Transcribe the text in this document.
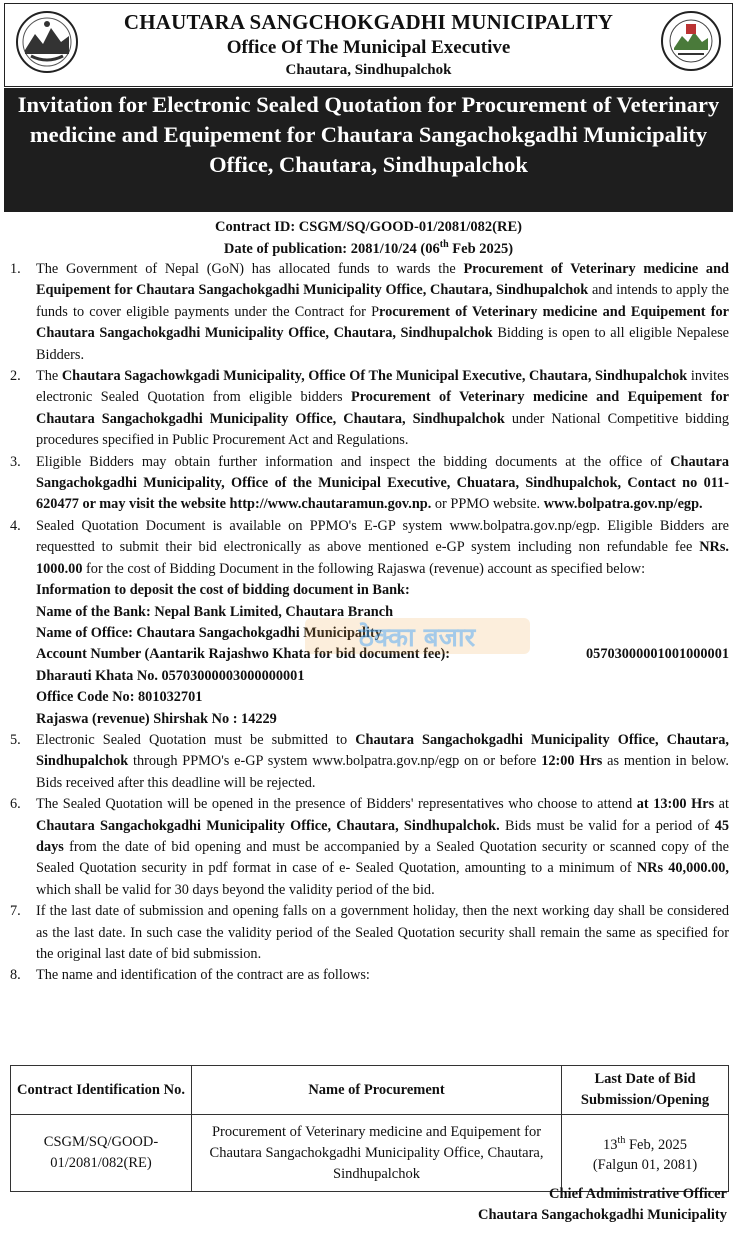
CHAUTARA SANGCHOKGADHI MUNICIPALITY
Office Of The Municipal Executive
Chautara, Sindhupalchok
Invitation for Electronic Sealed Quotation for Procurement of Veterinary medicine and Equipement for Chautara Sangachokgadhi Municipality Office, Chautara, Sindhupalchok
Contract ID: CSGM/SQ/GOOD-01/2081/082(RE)
Date of publication: 2081/10/24 (06th Feb 2025)
1. The Government of Nepal (GoN) has allocated funds to wards the Procurement of Veterinary medicine and Equipement for Chautara Sangachokgadhi Municipality Office, Chautara, Sindhupalchok and intends to apply the funds to cover eligible payments under the Contract for Procurement of Veterinary medicine and Equipement for Chautara Sangachokgadhi Municipality Office, Chautara, Sindhupalchok Bidding is open to all eligible Nepalese Bidders.
2. The Chautara Sagachowkgadi Municipality, Office Of The Municipal Executive, Chautara, Sindhupalchok invites electronic Sealed Quotation from eligible bidders Procurement of Veterinary medicine and Equipement for Chautara Sangachokgadhi Municipality Office, Chautara, Sindhupalchok under National Competitive bidding procedures specified in Public Procurement Act and Regulations.
3. Eligible Bidders may obtain further information and inspect the bidding documents at the office of Chautara Sangachokgadhi Municipality, Office of the Municipal Executive, Chuatara, Sindhupalchok, Contact no 011-620477 or may visit the website http://www.chautaramun.gov.np. or PPMO website. www.bolpatra.gov.np/egp.
4. Sealed Quotation Document is available on PPMO's E-GP system www.bolpatra.gov.np/egp. Eligible Bidders are requestted to submit their bid electronically as above mentioned e-GP system including non refundable fee NRs. 1000.00 for the cost of Bidding Document in the following Rajaswa (revenue) account as specified below:
Information to deposit the cost of bidding document in Bank:
Name of the Bank: Nepal Bank Limited, Chautara Branch
Name of Office: Chautara Sangachokgadhi Municipality
Account Number (Aantarik Rajashwo Khata for bid document fee):	05703000001001000001
Dharauti Khata No. 05703000003000000001
Office Code No: 801032701
Rajaswa (revenue) Shirshak No : 14229
5. Electronic Sealed Quotation must be submitted to Chautara Sangachokgadhi Municipality Office, Chautara, Sindhupalchok through PPMO's e-GP system www.bolpatra.gov.np/egp on or before 12:00 Hrs as mention in below. Bids received after this deadline will be rejected.
6. The Sealed Quotation will be opened in the presence of Bidders' representatives who choose to attend at 13:00 Hrs at Chautara Sangachokgadhi Municipality Office, Chautara, Sindhupalchok. Bids must be valid for a period of 45 days from the date of bid opening and must be accompanied by a Sealed Quotation security or scanned copy of the Sealed Quotation security in pdf format in case of e- Sealed Quotation, amounting to a minimum of NRs 40,000.00, which shall be valid for 30 days beyond the validity period of the bid.
7. If the last date of submission and opening falls on a government holiday, then the next working day shall be considered as the last date. In such case the validity period of the Sealed Quotation security shall remain the same as specified for the original last date of bid submission.
8. The name and identification of the contract are as follows:
ठेक्का बजार
Contract Identification No.	Name of Procurement	Last Date of Bid Submission/Opening
CSGM/SQ/GOOD-01/2081/082(RE)	Procurement of Veterinary medicine and Equipement for Chautara Sangachokgadhi Municipality Office, Chautara, Sindhupalchok	13th Feb, 2025
(Falgun 01, 2081)
Chief Administrative Officer
Chautara Sangachokgadhi Municipality
